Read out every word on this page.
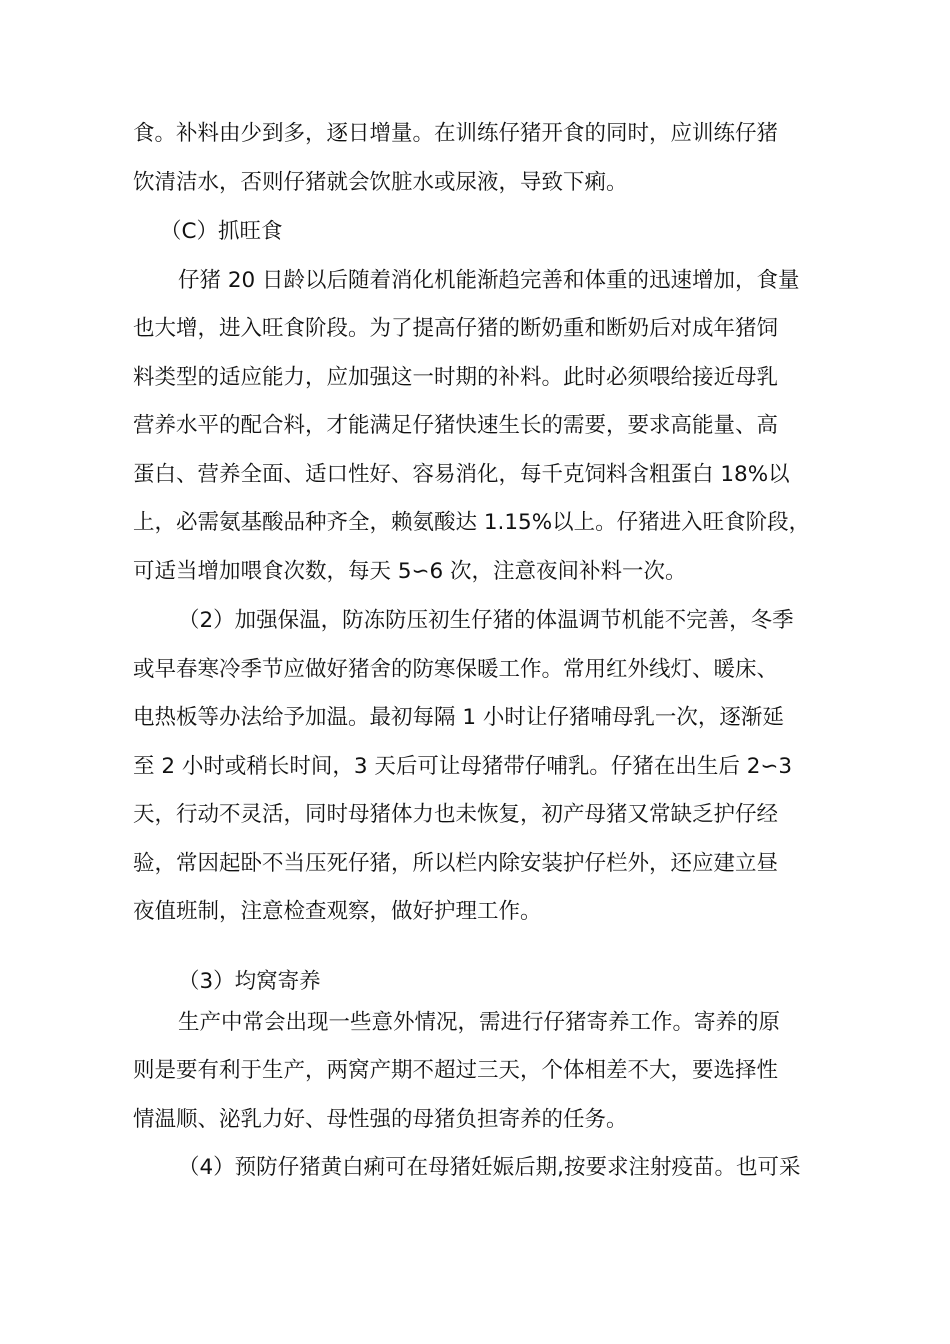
食。补料由少到多，逐日增量。在训练仔猪开食的同时，应训练仔猪
饮清洁水，否则仔猪就会饮脏水或尿液，导致下痢。
（C）抓旺食
仔猪 20 日龄以后随着消化机能渐趋完善和体重的迅速增加，食量
也大增，进入旺食阶段。为了提高仔猪的断奶重和断奶后对成年猪饲
料类型的适应能力，应加强这一时期的补料。此时必须喂给接近母乳
营养水平的配合料，才能满足仔猪快速生长的需要，要求高能量、高
蛋白、营养全面、适口性好、容易消化，每千克饲料含粗蛋白 18%以
上，必需氨基酸品种齐全，赖氨酸达 1.15%以上。仔猪进入旺食阶段，
可适当增加喂食次数，每天 5∽6 次，注意夜间补料一次。
（2）加强保温，防冻防压初生仔猪的体温调节机能不完善，冬季
或早春寒冷季节应做好猪舍的防寒保暖工作。常用红外线灯、暖床、
电热板等办法给予加温。最初每隔 1 小时让仔猪哺母乳一次，逐渐延
至 2 小时或稍长时间，3 天后可让母猪带仔哺乳。仔猪在出生后 2∽3
天，行动不灵活，同时母猪体力也未恢复，初产母猪又常缺乏护仔经
验，常因起卧不当压死仔猪，所以栏内除安装护仔栏外，还应建立昼
夜值班制，注意检查观察，做好护理工作。
（3）均窝寄养
生产中常会出现一些意外情况，需进行仔猪寄养工作。寄养的原
则是要有利于生产，两窝产期不超过三天，个体相差不大，要选择性
情温顺、泌乳力好、母性强的母猪负担寄养的任务。
（4）预防仔猪黄白痢可在母猪妊娠后期,按要求注射疫苗。也可采
